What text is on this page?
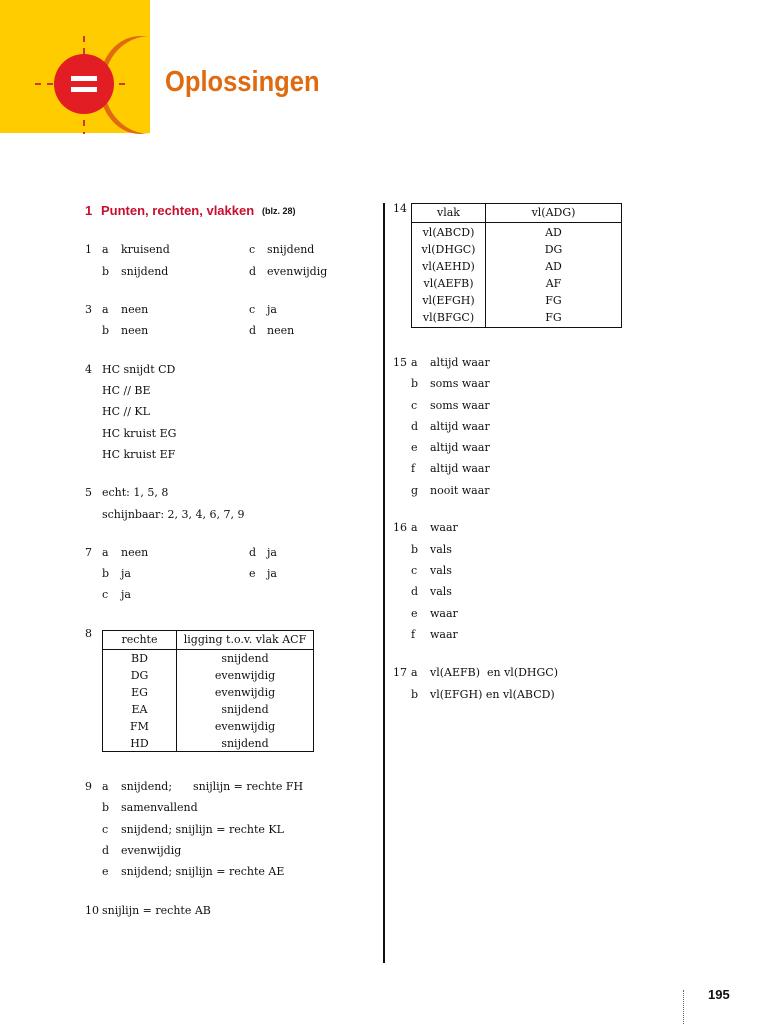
Oplossingen
1 Punten, rechten, vlakken (blz. 28)
1 a kruisend	c snijdend
b snijdend	d evenwijdig
3 a neen	c ja
b neen	d neen
4 HC snijdt CD
HC // BE
HC // KL
HC kruist EG
HC kruist EF
5 echt: 1, 5, 8
schijnbaar: 2, 3, 4, 6, 7, 9
7 a neen	d ja
b ja	e ja
c ja
8	rechte	ligging t.o.v. vlak ACF
BD	snijdend
DG	evenwijdig
EG	evenwijdig
EA	snijdend
FM	evenwijdig
HD	snijdend
9 a snijdend; snijlijn = rechte FH
b samenvallend
c snijdend; snijlijn = rechte KL
d evenwijdig
e snijdend; snijlijn = rechte AE
10 snijlijn = rechte AB
14	vlak	vl(ADG)
vl(ABCD)	AD
vl(DHGC)	DG
vl(AEHD)	AD
vl(AEFB)	AF
vl(EFGH)	FG
vl(BFGC)	FG
15 a altijd waar
b soms waar
c soms waar
d altijd waar
e altijd waar
f altijd waar
g nooit waar
16 a waar
b vals
c vals
d vals
e waar
f waar
17 a vl(AEFB)  en vl(DHGC)
b vl(EFGH) en vl(ABCD)
195
